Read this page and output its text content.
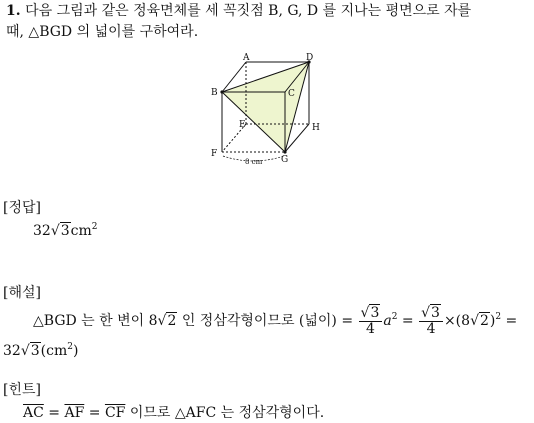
1. 다음 그림과 같은 정육면체를 세 꼭짓점 B, G, D 를 지나는 평면으로 자를
때, △BGD 의 넓이를 구하여라.
A	D
B	C
E	H
F
G
8 cm
[정답]
$32√3cm^2$
[해설]
△BGD 는 한 변이 8√2 인 정삼각형이므로 (넓이) = $\frac{√3}{4} a^2 = \frac{√3}{4} \times(8√2)^2$ =
$32√3(cm^2)$
[힌트]
$\overline{AC} = \overline{AF} = \overline{CF}$ 이므로 △AFC 는 정삼각형이다.
